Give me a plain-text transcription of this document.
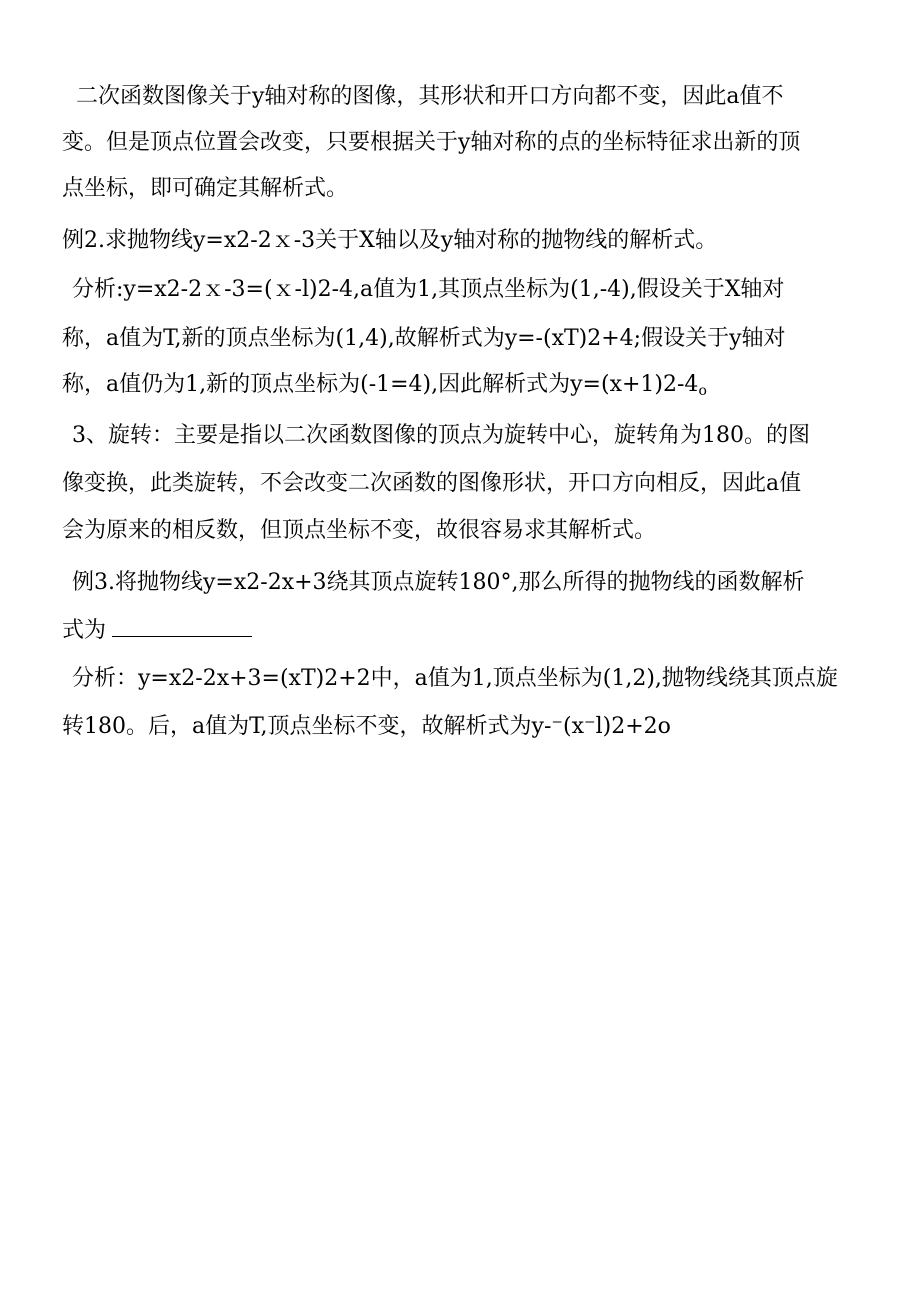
二次函数图像关于y轴对称的图像，其形状和开口方向都不变，因此a值不
变。但是顶点位置会改变，只要根据关于y轴对称的点的坐标特征求出新的顶
点坐标，即可确定其解析式。
例2.求抛物线y=x2-2ｘ-3关于X轴以及y轴对称的抛物线的解析式。
分析:y=x2-2ｘ-3=(ｘ-l)2-4,a值为1,其顶点坐标为(1,-4),假设关于X轴对
称，a值为T,新的顶点坐标为(1,4),故解析式为y=-(xT)2+4;假设关于y轴对
称，a值仍为1,新的顶点坐标为(-1=4),因此解析式为$y=(x+1)2-4_o$
3、旋转：主要是指以二次函数图像的顶点为旋转中心，旋转角为180。的图
像变换，此类旋转，不会改变二次函数的图像形状，开口方向相反，因此a值
会为原来的相反数，但顶点坐标不变，故很容易求其解析式。
例3.将抛物线y=x2-2x+3绕其顶点旋转180°,那么所得的抛物线的函数解析
式为
分析：y=x2-2x+3=(xT)2+2中，a值为1,顶点坐标为(1,2),抛物线绕其顶点旋
转180。后，a值为T,顶点坐标不变，故解析式为y-⁻(x⁻l)2+2o
